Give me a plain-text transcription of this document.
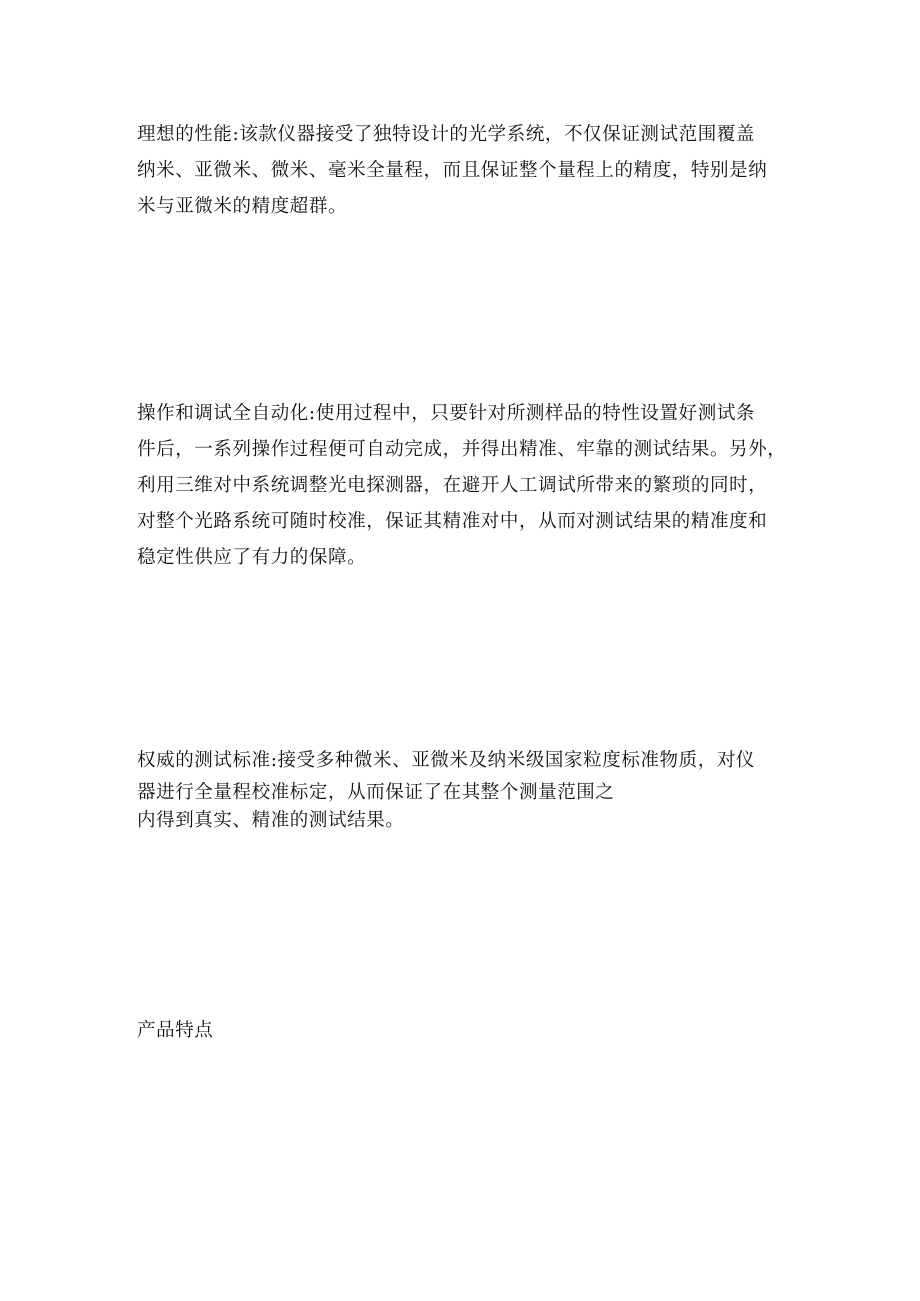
理想的性能:该款仪器接受了独特设计的光学系统，不仅保证测试范围覆盖
纳米、亚微米、微米、毫米全量程，而且保证整个量程上的精度，特别是纳
米与亚微米的精度超群。
操作和调试全自动化:使用过程中，只要针对所测样品的特性设置好测试条
件后，一系列操作过程便可自动完成，并得出精准、牢靠的测试结果。另外，
利用三维对中系统调整光电探测器，在避开人工调试所带来的繁琐的同时，
对整个光路系统可随时校准，保证其精准对中，从而对测试结果的精准度和
稳定性供应了有力的保障。
权威的测试标准:接受多种微米、亚微米及纳米级国家粒度标准物质，对仪
器进行全量程校准标定，从而保证了在其整个测量范围之
内得到真实、精准的测试结果。
产品特点
